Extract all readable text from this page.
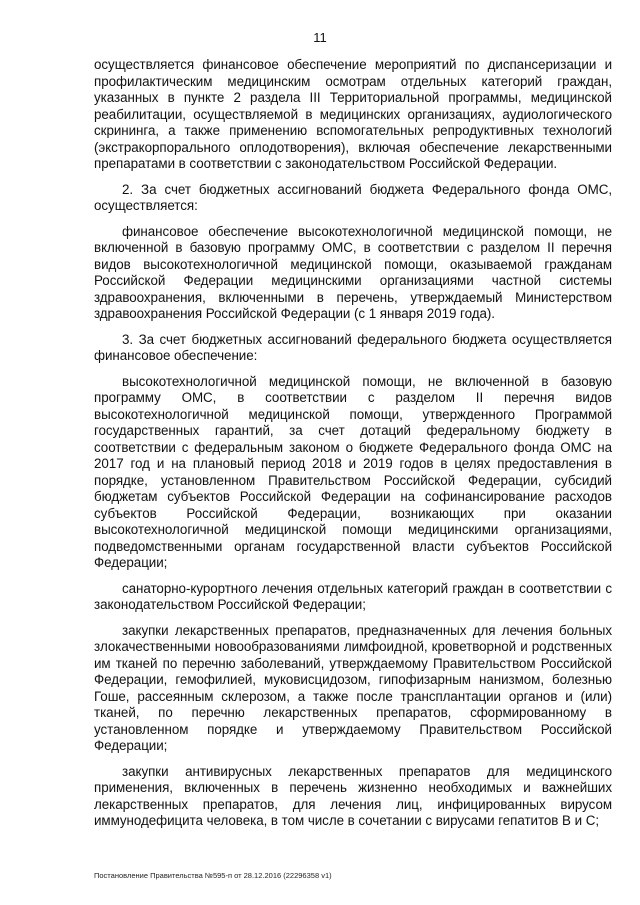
11

осуществляется финансовое обеспечение мероприятий по диспансеризации и профилактическим медицинским осмотрам отдельных категорий граждан, указанных в пункте 2 раздела III Территориальной программы, медицинской реабилитации, осуществляемой в медицинских организациях, аудиологического скрининга, а также применению вспомогательных репродуктивных технологий (экстракорпорального оплодотворения), включая обеспечение лекарственными препаратами в соответствии с законодательством Российской Федерации.

2. За счет бюджетных ассигнований бюджета Федерального фонда ОМС, осуществляется:

финансовое обеспечение высокотехнологичной медицинской помощи, не включенной в базовую программу ОМС, в соответствии с разделом II перечня видов высокотехнологичной медицинской помощи, оказываемой гражданам Российской Федерации медицинскими организациями частной системы здравоохранения, включенными в перечень, утверждаемый Министерством здравоохранения Российской Федерации (с 1 января 2019 года).

3. За счет бюджетных ассигнований федерального бюджета осуществляется финансовое обеспечение:

высокотехнологичной медицинской помощи, не включенной в базовую программу ОМС, в соответствии с разделом II перечня видов высокотехнологичной медицинской помощи, утвержденного Программой государственных гарантий, за счет дотаций федеральному бюджету в соответствии с федеральным законом о бюджете Федерального фонда ОМС на 2017 год и на плановый период 2018 и 2019 годов в целях предоставления в порядке, установленном Правительством Российской Федерации, субсидий бюджетам субъектов Российской Федерации на софинансирование расходов субъектов Российской Федерации, возникающих при оказании высокотехнологичной медицинской помощи медицинскими организациями, подведомственными органам государственной власти субъектов Российской Федерации;

санаторно-курортного лечения отдельных категорий граждан в соответствии с законодательством Российской Федерации;

закупки лекарственных препаратов, предназначенных для лечения больных злокачественными новообразованиями лимфоидной, кроветворной и родственных им тканей по перечню заболеваний, утверждаемому Правительством Российской Федерации, гемофилией, муковисцидозом, гипофизарным нанизмом, болезнью Гоше, рассеянным склерозом, а также после трансплантации органов и (или) тканей, по перечню лекарственных препаратов, сформированному в установленном порядке и утверждаемому Правительством Российской Федерации;

закупки антивирусных лекарственных препаратов для медицинского применения, включенных в перечень жизненно необходимых и важнейших лекарственных препаратов, для лечения лиц, инфицированных вирусом иммунодефицита человека, в том числе в сочетании с вирусами гепатитов В и С;

Постановление Правительства №595-п от 28.12.2016 (22296358 v1)
